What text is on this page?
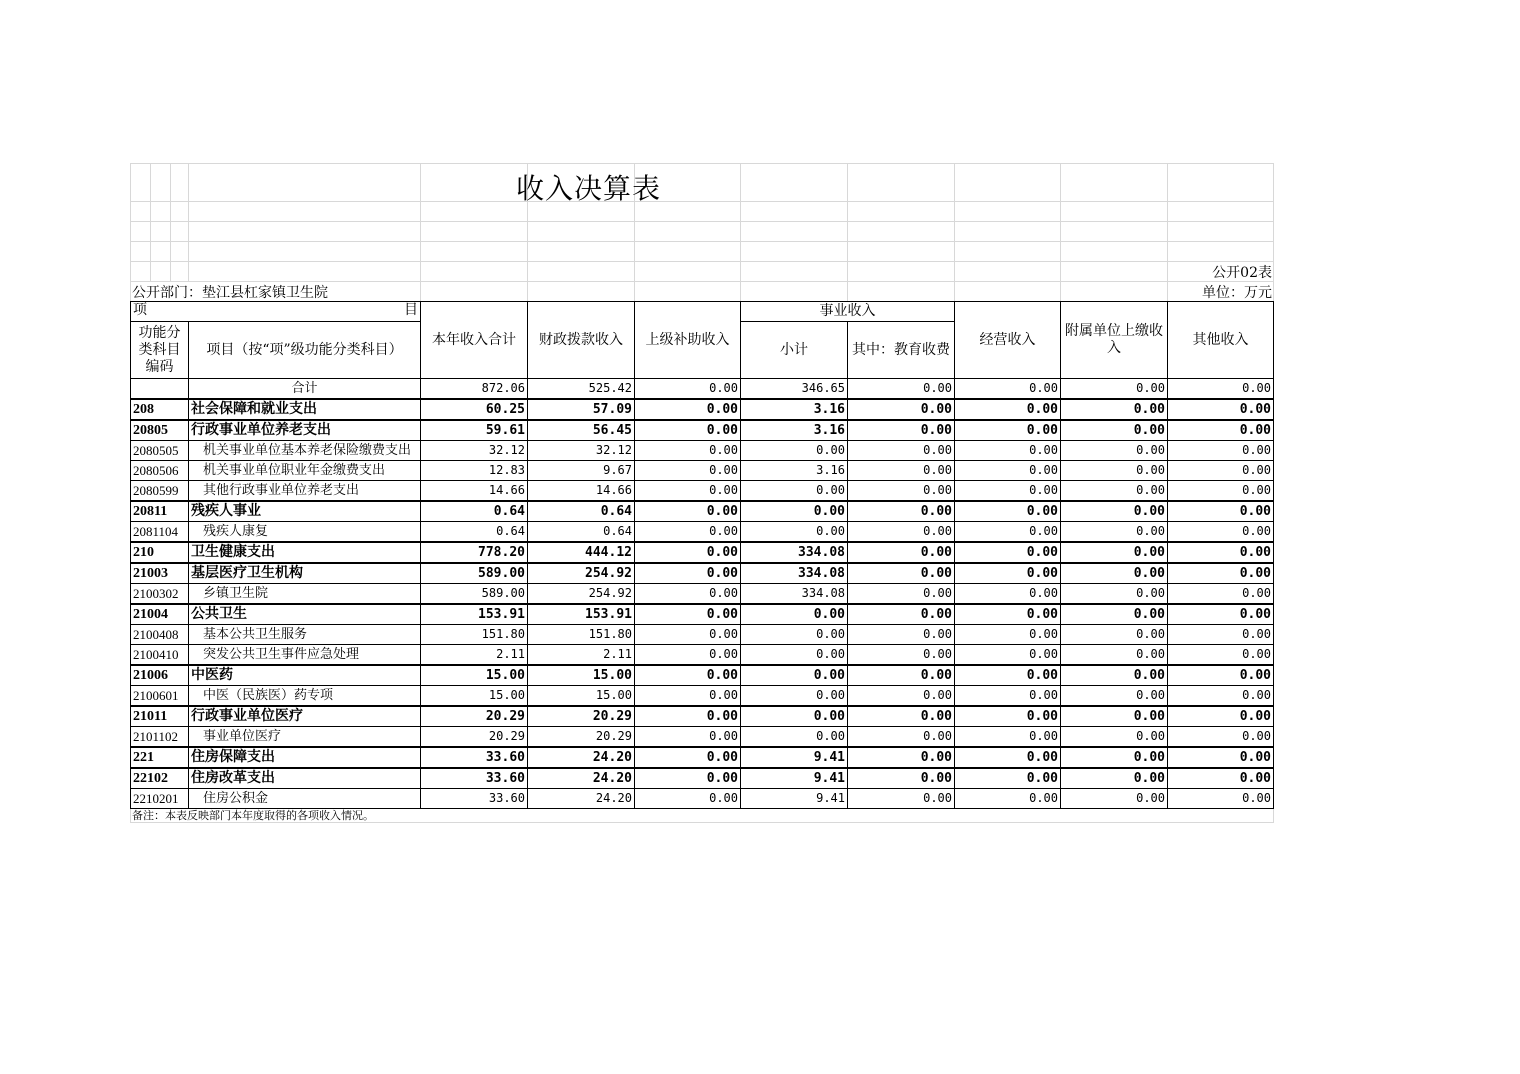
收入决算表
公开02表
公开部门：垫江县杠家镇卫生院	单位：万元
项 目		本年收入合计	财政拨款收入	上级补助收入	事业收入		经营收入	附属单位上缴收入	其他收入
功能分类科目编码	项目（按“项”级功能分类科目）				小计	其中：教育收费			
	合计	872.06	525.42	0.00	346.65	0.00	0.00	0.00	0.00
208	社会保障和就业支出	60.25	57.09	0.00	3.16	0.00	0.00	0.00	0.00
20805	行政事业单位养老支出	59.61	56.45	0.00	3.16	0.00	0.00	0.00	0.00
2080505	机关事业单位基本养老保险缴费支出	32.12	32.12	0.00	0.00	0.00	0.00	0.00	0.00
2080506	机关事业单位职业年金缴费支出	12.83	9.67	0.00	3.16	0.00	0.00	0.00	0.00
2080599	其他行政事业单位养老支出	14.66	14.66	0.00	0.00	0.00	0.00	0.00	0.00
20811	残疾人事业	0.64	0.64	0.00	0.00	0.00	0.00	0.00	0.00
2081104	残疾人康复	0.64	0.64	0.00	0.00	0.00	0.00	0.00	0.00
210	卫生健康支出	778.20	444.12	0.00	334.08	0.00	0.00	0.00	0.00
21003	基层医疗卫生机构	589.00	254.92	0.00	334.08	0.00	0.00	0.00	0.00
2100302	乡镇卫生院	589.00	254.92	0.00	334.08	0.00	0.00	0.00	0.00
21004	公共卫生	153.91	153.91	0.00	0.00	0.00	0.00	0.00	0.00
2100408	基本公共卫生服务	151.80	151.80	0.00	0.00	0.00	0.00	0.00	0.00
2100410	突发公共卫生事件应急处理	2.11	2.11	0.00	0.00	0.00	0.00	0.00	0.00
21006	中医药	15.00	15.00	0.00	0.00	0.00	0.00	0.00	0.00
2100601	中医（民族医）药专项	15.00	15.00	0.00	0.00	0.00	0.00	0.00	0.00
21011	行政事业单位医疗	20.29	20.29	0.00	0.00	0.00	0.00	0.00	0.00
2101102	事业单位医疗	20.29	20.29	0.00	0.00	0.00	0.00	0.00	0.00
221	住房保障支出	33.60	24.20	0.00	9.41	0.00	0.00	0.00	0.00
22102	住房改革支出	33.60	24.20	0.00	9.41	0.00	0.00	0.00	0.00
2210201	住房公积金	33.60	24.20	0.00	9.41	0.00	0.00	0.00	0.00
备注：本表反映部门本年度取得的各项收入情况。
